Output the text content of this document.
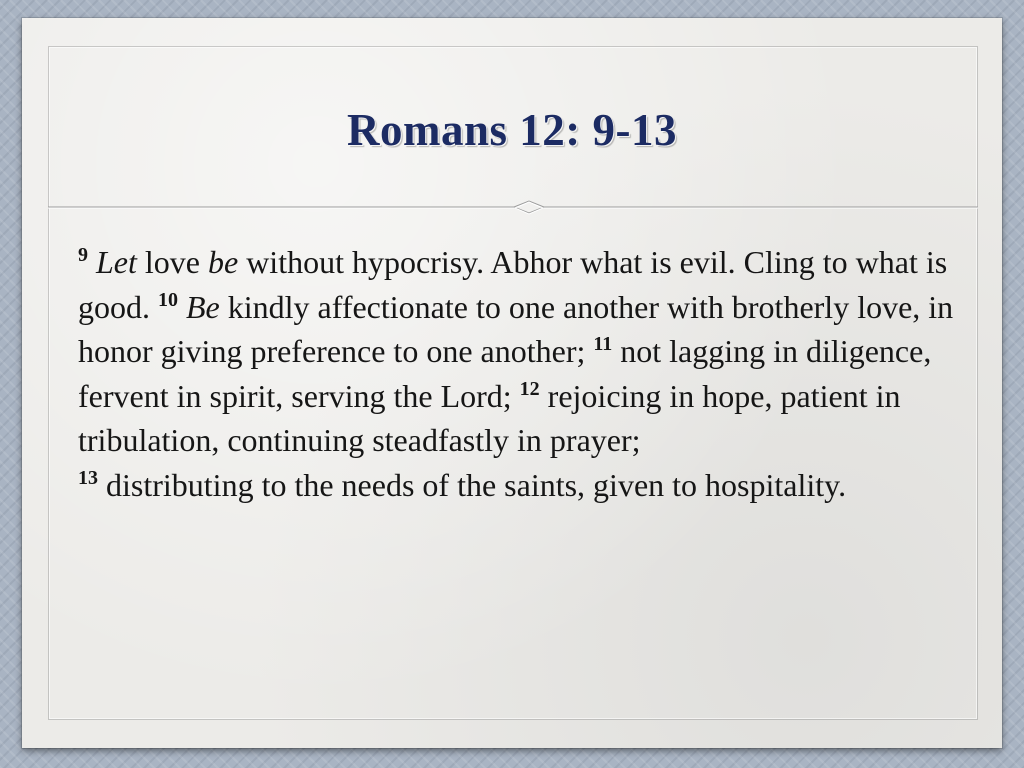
Romans 12: 9-13

$^9$ Let love be without hypocrisy. Abhor what is evil. Cling to what is good. $^{10}$ Be kindly affectionate to one another with brotherly love, in honor giving preference to one another; $^{11}$ not lagging in diligence, fervent in spirit, serving the Lord; $^{12}$ rejoicing in hope, patient in tribulation, continuing steadfastly in prayer;
$^{13}$ distributing to the needs of the saints, given to hospitality.
